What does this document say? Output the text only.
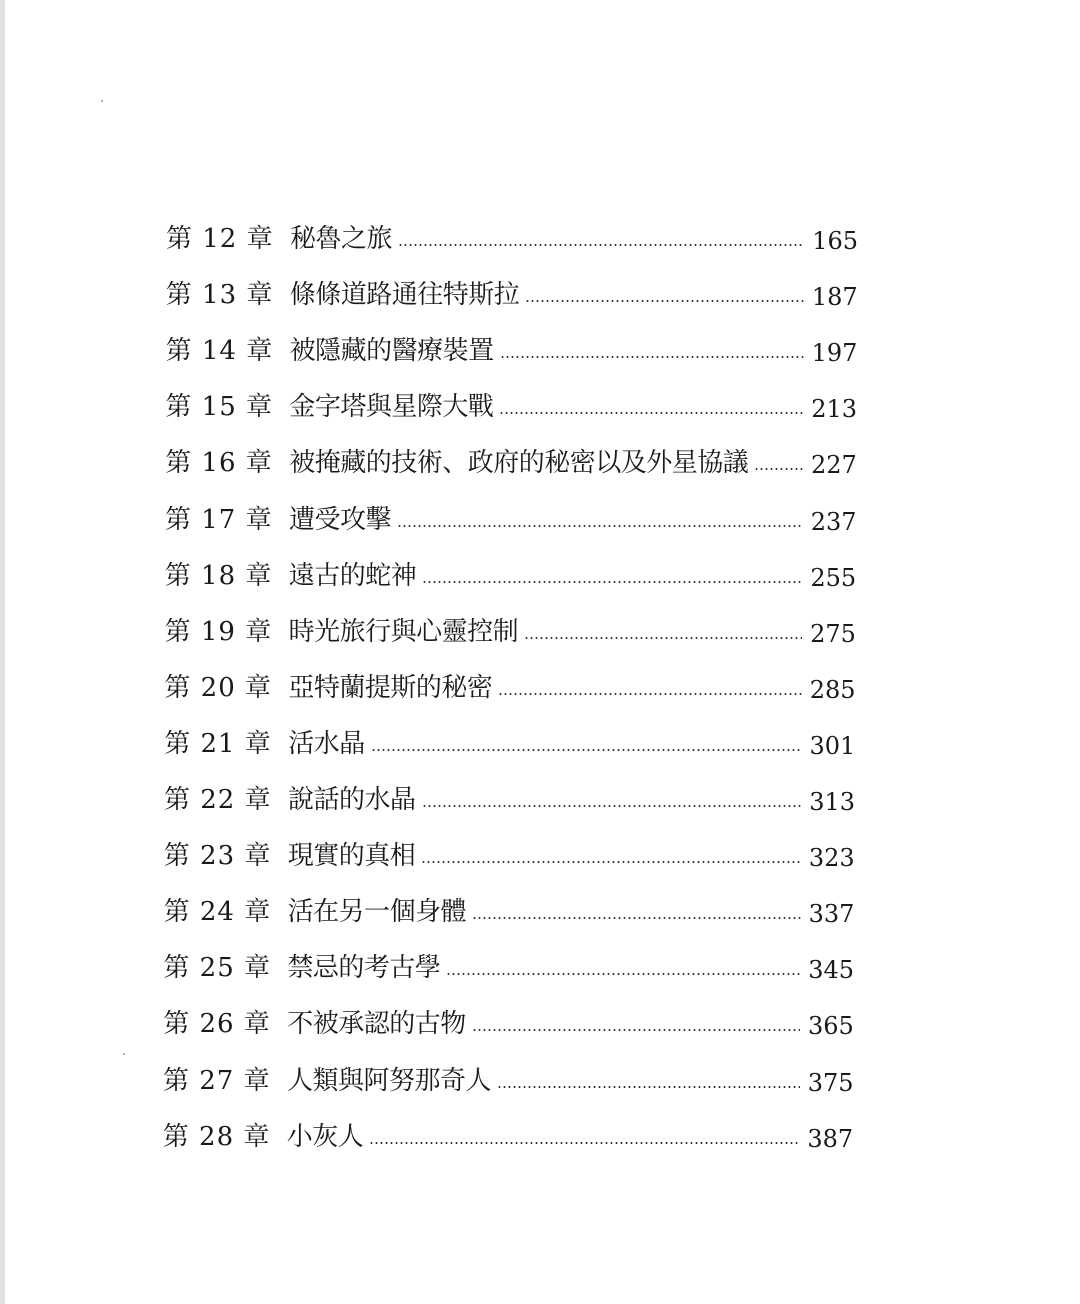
第 12 章 秘魯之旅	165
第 13 章 條條道路通往特斯拉	187
第 14 章 被隱藏的醫療裝置	197
第 15 章 金字塔與星際大戰	213
第 16 章 被掩藏的技術、政府的秘密以及外星協議	227
第 17 章 遭受攻擊	237
第 18 章 遠古的蛇神	255
第 19 章 時光旅行與心靈控制	275
第 20 章 亞特蘭提斯的秘密	285
第 21 章 活水晶	301
第 22 章 說話的水晶	313
第 23 章 現實的真相	323
第 24 章 活在另一個身體	337
第 25 章 禁忌的考古學	345
第 26 章 不被承認的古物	365
第 27 章 人類與阿努那奇人	375
第 28 章 小灰人	387
